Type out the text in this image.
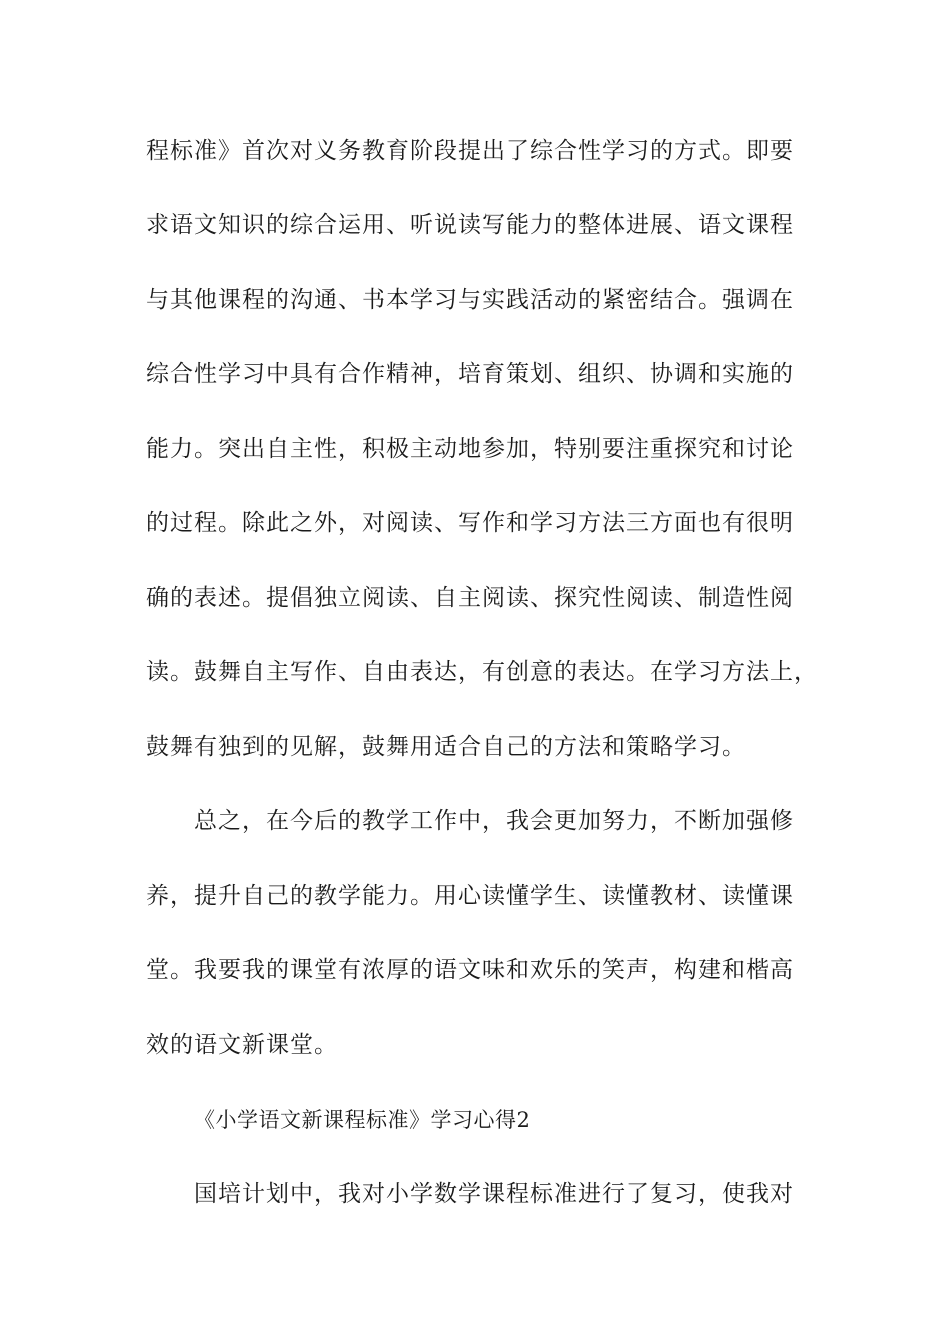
程标准》首次对义务教育阶段提出了综合性学习的方式。即要
求语文知识的综合运用、听说读写能力的整体进展、语文课程
与其他课程的沟通、书本学习与实践活动的紧密结合。强调在
综合性学习中具有合作精神，培育策划、组织、协调和实施的
能力。突出自主性，积极主动地参加，特别要注重探究和讨论
的过程。除此之外，对阅读、写作和学习方法三方面也有很明
确的表述。提倡独立阅读、自主阅读、探究性阅读、制造性阅
读。鼓舞自主写作、自由表达，有创意的表达。在学习方法上，
鼓舞有独到的见解，鼓舞用适合自己的方法和策略学习。
总之，在今后的教学工作中，我会更加努力，不断加强修
养，提升自己的教学能力。用心读懂学生、读懂教材、读懂课
堂。我要我的课堂有浓厚的语文味和欢乐的笑声，构建和楷高
效的语文新课堂。
《小学语文新课程标准》学习心得2
国培计划中，我对小学数学课程标准进行了复习，使我对
